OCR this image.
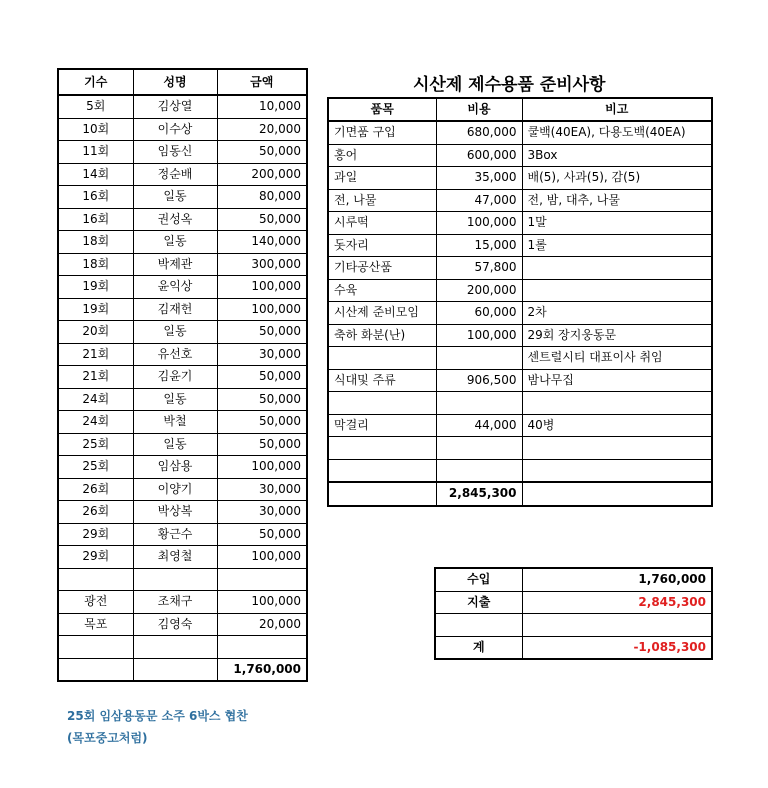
기수	성명	금액
5회	김상열	10,000
10회	이수상	20,000
11회	임동신	50,000
14회	정순배	200,000
16회	일동	80,000
16회	권성옥	50,000
18회	일동	140,000
18회	박제관	300,000
19회	윤익상	100,000
19회	김재헌	100,000
20회	일동	50,000
21회	유선호	30,000
21회	김윤기	50,000
24회	일동	50,000
24회	박철	50,000
25회	일동	50,000
25회	임삼용	100,000
26회	이양기	30,000
26회	박상복	30,000
29회	황근수	50,000
29회	최영철	100,000

광전	조채구	100,000
목포	김영숙	20,000

		1,760,000
시산제 제수용품 준비사항
품목	비용	비고
기면품 구입	680,000	쿨백(40EA), 다용도백(40EA)
홍어	600,000	3Box
과일	35,000	배(5), 사과(5), 감(5)
전, 나물	47,000	전, 밤, 대추, 나물
시루떡	100,000	1말
돗자리	15,000	1롤
기타공산품	57,800	
수육	200,000	
시산제 준비모임	60,000	2차
축하 화분(난)	100,000	29회 장지웅동문
		센트럴시티 대표이사 취임
식대및 주류	906,500	밤나무집

막걸리	44,000	40병

	2,845,300	
수입	1,760,000
지출	2,845,300

계	-1,085,300
25회 임삼용동문 소주 6박스 협찬
(목포중고처럼)
